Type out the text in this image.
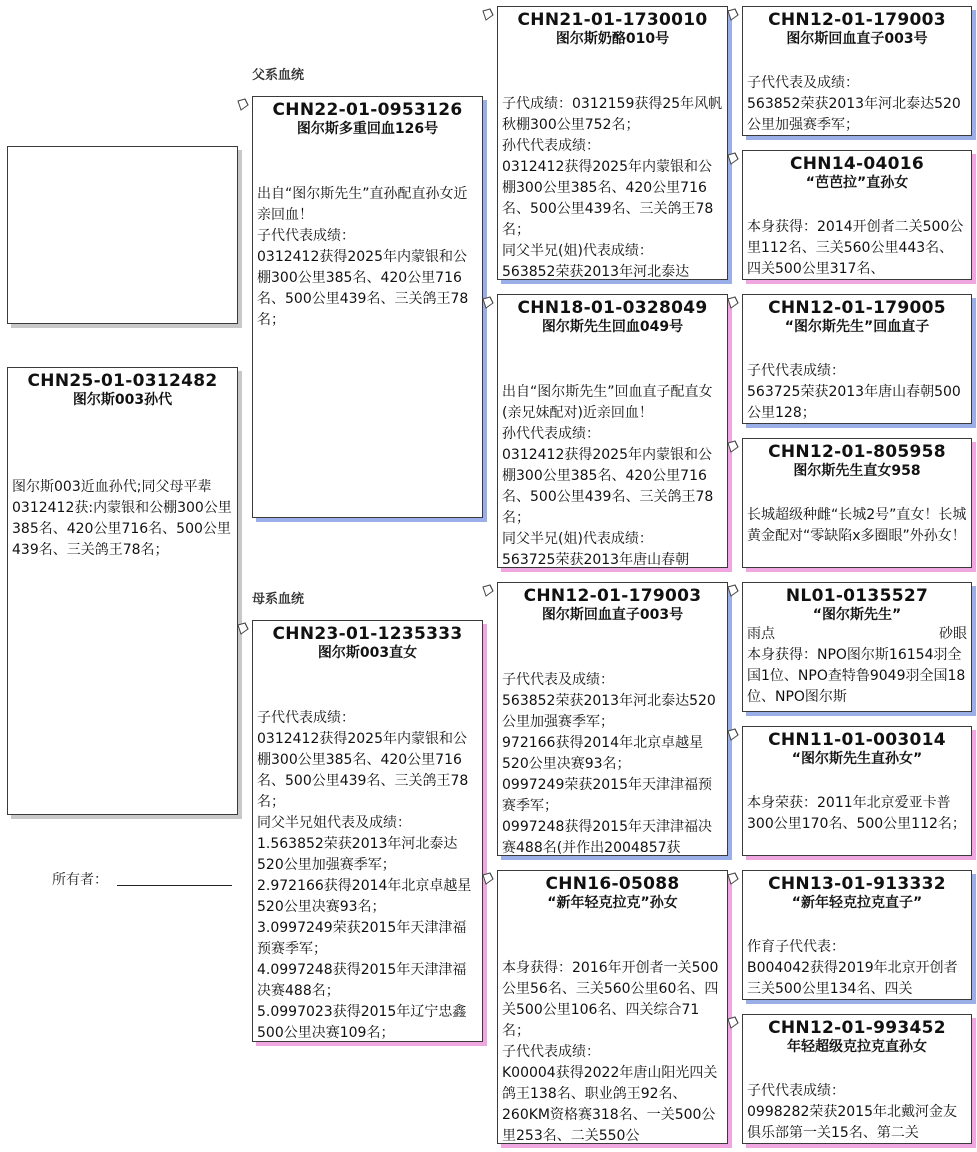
CHN25-01-0312482
图尔斯003孙代
图尔斯003近血孙代;同父母平辈0312412获:内蒙银和公棚300公里385名、420公里716名、500公里439名、三关鸽王78名；
所有者：
父系血统
母系血统
CHN22-01-0953126
图尔斯多重回血126号
出自“图尔斯先生”直孙配直孙女近亲回血！
子代代表成绩：
0312412获得2025年内蒙银和公棚300公里385名、420公里716名、500公里439名、三关鸽王78名；
CHN23-01-1235333
图尔斯003直女
子代代表成绩：
0312412获得2025年内蒙银和公棚300公里385名、420公里716名、500公里439名、三关鸽王78名；
同父半兄姐代表及成绩：
1.563852荣获2013年河北泰达520公里加强赛季军；
2.972166获得2014年北京卓越星520公里决赛93名；
3.0997249荣获2015年天津津福预赛季军；
4.0997248获得2015年天津津福决赛488名；
5.0997023获得2015年辽宁忠鑫500公里决赛109名；
CHN21-01-1730010
图尔斯奶酪010号
子代成绩：0312159获得25年风帆秋棚300公里752名；
孙代代表成绩：
0312412获得2025年内蒙银和公棚300公里385名、420公里716名、500公里439名、三关鸽王78名；
同父半兄(姐)代表成绩：
563852荣获2013年河北泰达
CHN18-01-0328049
图尔斯先生回血049号
出自“图尔斯先生”回血直子配直女(亲兄妹配对)近亲回血！
孙代代表成绩：
0312412获得2025年内蒙银和公棚300公里385名、420公里716名、500公里439名、三关鸽王78名；
同父半兄(姐)代表成绩：
563725荣获2013年唐山春朝
CHN12-01-179003
图尔斯回血直子003号
子代代表及成绩：
563852荣获2013年河北泰达520公里加强赛季军；
972166获得2014年北京卓越星520公里决赛93名；
0997249荣获2015年天津津福预赛季军；
0997248获得2015年天津津福决赛488名(并作出2004857获
CHN16-05088
“新年轻克拉克”孙女
本身获得：2016年开创者一关500公里56名、三关560公里60名、四关500公里106名、四关综合71名；
子代代表成绩：
K00004获得2022年唐山阳光四关鸽王138名、职业鸽王92名、260KM资格赛318名、一关500公里253名、二关550公
CHN12-01-179003
图尔斯回血直子003号
子代代表及成绩：
563852荣获2013年河北泰达520公里加强赛季军；
CHN14-04016
“芭芭拉”直孙女
本身获得：2014开创者二关500公里112名、三关560公里443名、四关500公里317名、
CHN12-01-179005
“图尔斯先生”回血直子
子代代表成绩：
563725荣获2013年唐山春朝500公里128；
CHN12-01-805958
图尔斯先生直女958
长城超级种雌“长城2号”直女！长城黄金配对“零缺陷x多圈眼”外孙女！
NL01-0135527
“图尔斯先生”
雨点	砂眼
本身获得：NPO图尔斯16154羽全国1位、NPO查特鲁9049羽全国18位、NPO图尔斯
CHN11-01-003014
“图尔斯先生直孙女”
本身荣获：2011年北京爱亚卡普300公里170名、500公里112名；
CHN13-01-913332
“新年轻克拉克直子”
作育子代代表：
B004042获得2019年北京开创者三关500公里134名、四关
CHN12-01-993452
年轻超级克拉克直孙女
子代代表成绩：
0998282荣获2015年北戴河金友俱乐部第一关15名、第二关
